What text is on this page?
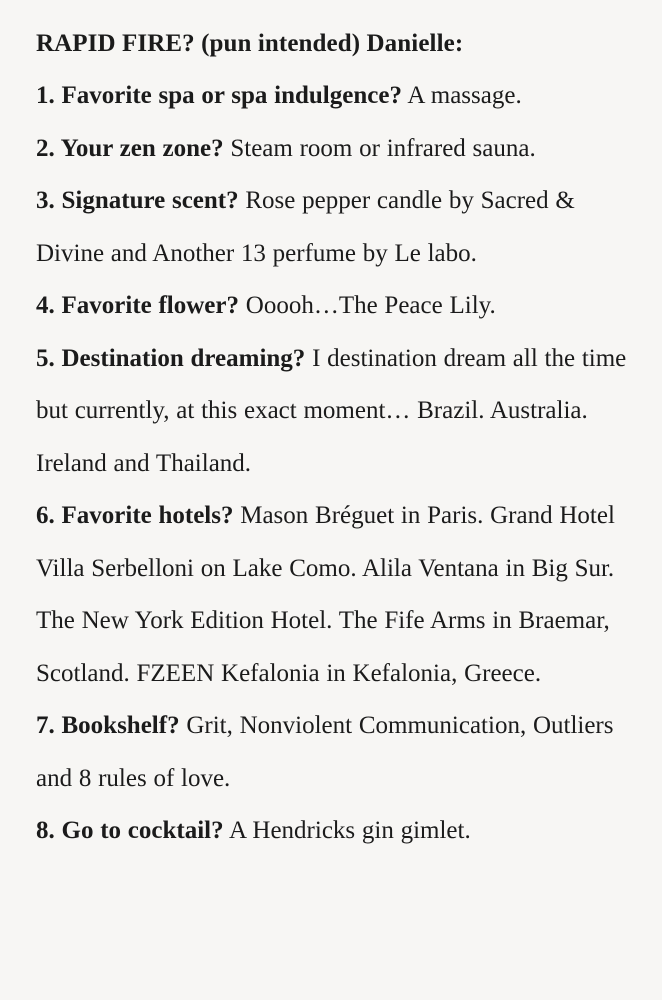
RAPID FIRE? (pun intended) Danielle:
1. Favorite spa or spa indulgence? A massage.
2. Your zen zone? Steam room or infrared sauna.
3. Signature scent? Rose pepper candle by Sacred & Divine and Another 13 perfume by Le labo.
4. Favorite flower? Ooooh…The Peace Lily.
5. Destination dreaming? I destination dream all the time but currently, at this exact moment… Brazil. Australia. Ireland and Thailand.
6. Favorite hotels? Mason Bréguet in Paris. Grand Hotel Villa Serbelloni on Lake Como. Alila Ventana in Big Sur. The New York Edition Hotel. The Fife Arms in Braemar, Scotland. FZEEN Kefalonia in Kefalonia, Greece.
7. Bookshelf? Grit, Nonviolent Communication, Outliers and 8 rules of love.
8. Go to cocktail? A Hendricks gin gimlet.
